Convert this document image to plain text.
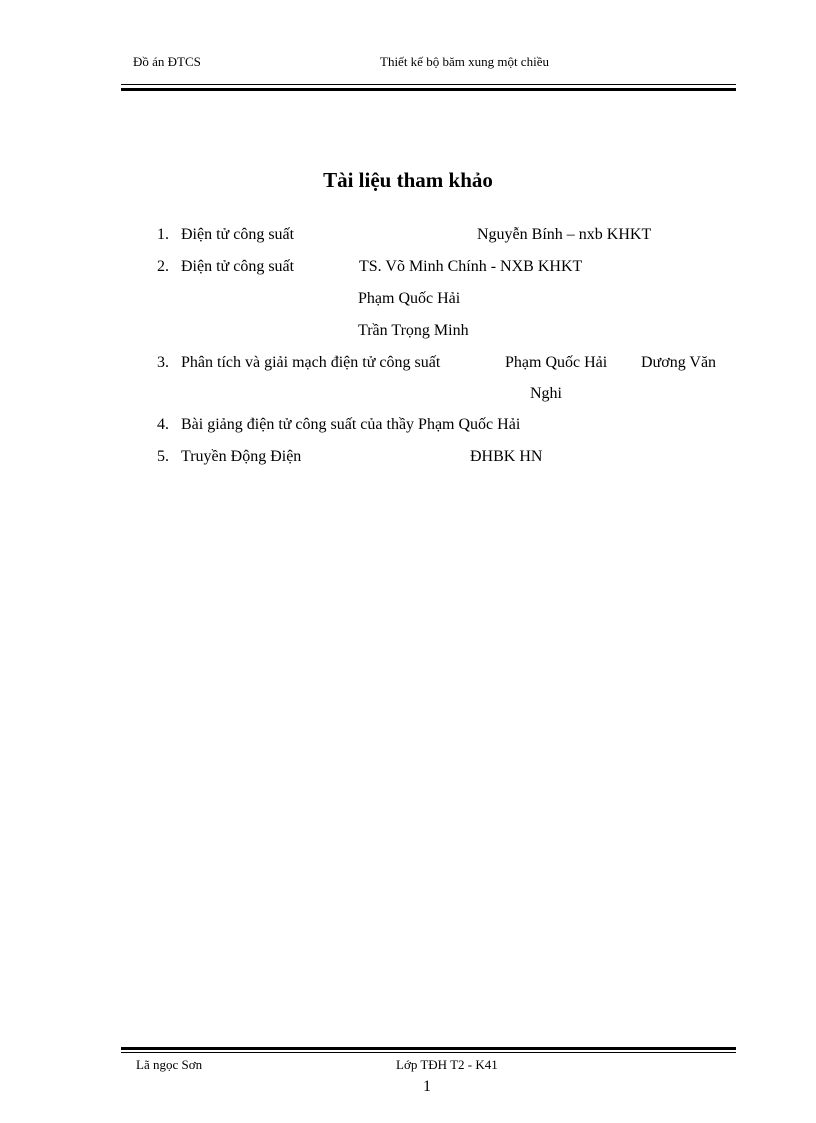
Đồ án ĐTCS	Thiết kế bộ băm xung một chiều
Tài liệu tham khảo
1. Điện tử công suất	Nguyễn Bính – nxb KHKT
2. Điện tử công suất	TS. Võ Minh Chính - NXB KHKT
Phạm Quốc Hải
Trần Trọng Minh
3. Phân tích và giải mạch điện tử công suất	Phạm Quốc Hải Dương Văn
Nghi
4. Bài giảng điện tử công suất của thầy Phạm Quốc Hải
5. Truyền Động Điện	ĐHBK HN
Lã ngọc Sơn	Lớp TĐH T2 - K41
1
